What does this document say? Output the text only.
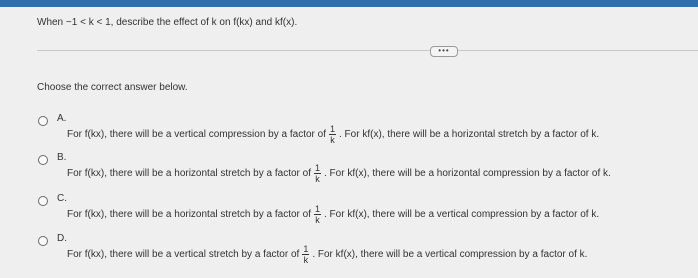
When −1 < k < 1, describe the effect of k on f(kx) and kf(x).
•••
Choose the correct answer below.
A.
For f(kx), there will be a vertical compression by a factor of $\frac{1}{k}$ . For kf(x), there will be a horizontal stretch by a factor of k.
B.
For f(kx), there will be a horizontal stretch by a factor of $\frac{1}{k}$ . For kf(x), there will be a horizontal compression by a factor of k.
C.
For f(kx), there will be a horizontal stretch by a factor of $\frac{1}{k}$ . For kf(x), there will be a vertical compression by a factor of k.
D.
For f(kx), there will be a vertical stretch by a factor of $\frac{1}{k}$ . For kf(x), there will be a vertical compression by a factor of k.
